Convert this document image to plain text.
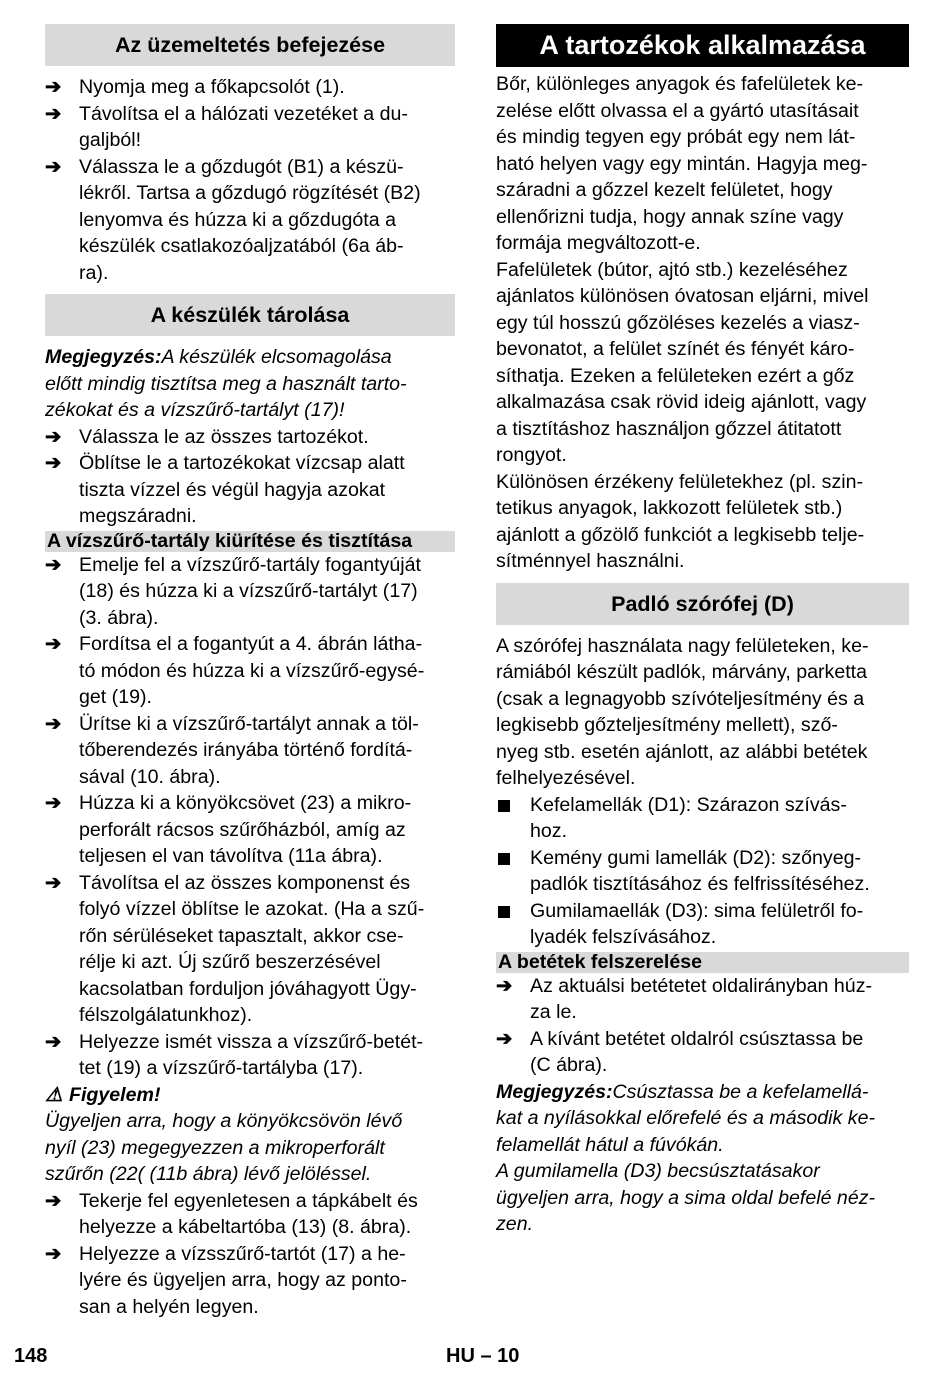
Az üzemeltetés befejezése
➔ Nyomja meg a főkapcsolót (1).
➔ Távolítsa el a hálózati vezetéket a du-
galjból!
➔ Válassza le a gőzdugót (B1) a készü-
lékről. Tartsa a gőzdugó rögzítését (B2)
lenyomva és húzza ki a gőzdugóta a
készülék csatlakozóaljzatából (6a áb-
ra).
A készülék tárolása
Megjegyzés:A készülék elcsomagolása
előtt mindig tisztítsa meg a használt tarto-
zékokat és a vízszűrő-tartályt (17)!
➔ Válassza le az összes tartozékot.
➔ Öblítse le a tartozékokat vízcsap alatt
tiszta vízzel és végül hagyja azokat
megszáradni.
A vízszűrő-tartály kiürítése és tisztítása
➔ Emelje fel a vízszűrő-tartály fogantyúját
(18) és húzza ki a vízszűrő-tartályt (17)
(3. ábra).
➔ Fordítsa el a fogantyút a 4. ábrán látha-
tó módon és húzza ki a vízszűrő-egysé-
get (19).
➔ Ürítse ki a vízszűrő-tartályt annak a töl-
tőberendezés irányába történő fordítá-
sával (10. ábra).
➔ Húzza ki a könyökcsövet (23) a mikro-
perforált rácsos szűrőházból, amíg az
teljesen el van távolítva (11a ábra).
➔ Távolítsa el az összes komponenst és
folyó vízzel öblítse le azokat. (Ha a szű-
rőn sérüléseket tapasztalt, akkor cse-
rélje ki azt. Új szűrő beszerzésével
kacsolatban forduljon jóváhagyott Ügy-
félszolgálatunkhoz).
➔ Helyezze ismét vissza a vízszűrő-betét-
tet (19) a vízszűrő-tartályba (17).
⚠ Figyelem!
Ügyeljen arra, hogy a könyökcsövön lévő
nyíl (23) megegyezzen a mikroperforált
szűrőn (22( (11b ábra) lévő jelöléssel.
➔ Tekerje fel egyenletesen a tápkábelt és
helyezze a kábeltartóba (13) (8. ábra).
➔ Helyezze a vízsszűrő-tartót (17) a he-
lyére és ügyeljen arra, hogy az ponto-
san a helyén legyen.
A tartozékok alkalmazása
Bőr, különleges anyagok és fafelületek ke-
zelése előtt olvassa el a gyártó utasításait
és mindig tegyen egy próbát egy nem lát-
ható helyen vagy egy mintán. Hagyja meg-
száradni a gőzzel kezelt felületet, hogy
ellenőrizni tudja, hogy annak színe vagy
formája megváltozott-e.
Fafelületek (bútor, ajtó stb.) kezeléséhez
ajánlatos különösen óvatosan eljárni, mivel
egy túl hosszú gőzöléses kezelés a viasz-
bevonatot, a felület színét és fényét káro-
síthatja. Ezeken a felületeken ezért a gőz
alkalmazása csak rövid ideig ajánlott, vagy
a tisztításhoz használjon gőzzel átitatott
rongyot.
Különösen érzékeny felületekhez (pl. szin-
tetikus anyagok, lakkozott felületek stb.)
ajánlott a gőzölő funkciót a legkisebb telje-
sítménnyel használni.
Padló szórófej (D)
A szórófej használata nagy felületeken, ke-
rámiából készült padlók, márvány, parketta
(csak a legnagyobb szívóteljesítmény és a
legkisebb gőzteljesítmény mellett), sző-
nyeg stb. esetén ajánlott, az alábbi betétek
felhelyezésével.
Kefelamellák (D1): Szárazon szívás-
hoz.
Kemény gumi lamellák (D2): szőnyeg-
padlók tisztításához és felfrissítéséhez.
Gumilamaellák (D3): sima felületről fo-
lyadék felszívásához.
A betétek felszerelése
➔ Az aktuálsi betétetet oldalirányban húz-
za le.
➔ A kívánt betétet oldalról csúsztassa be
(C ábra).
Megjegyzés:Csúsztassa be a kefelamellá-
kat a nyílásokkal előrefelé és a második ke-
felamellát hátul a fúvókán.
A gumilamella (D3) becsúsztatásakor
ügyeljen arra, hogy a sima oldal befelé néz-
zen.
148	HU – 10
